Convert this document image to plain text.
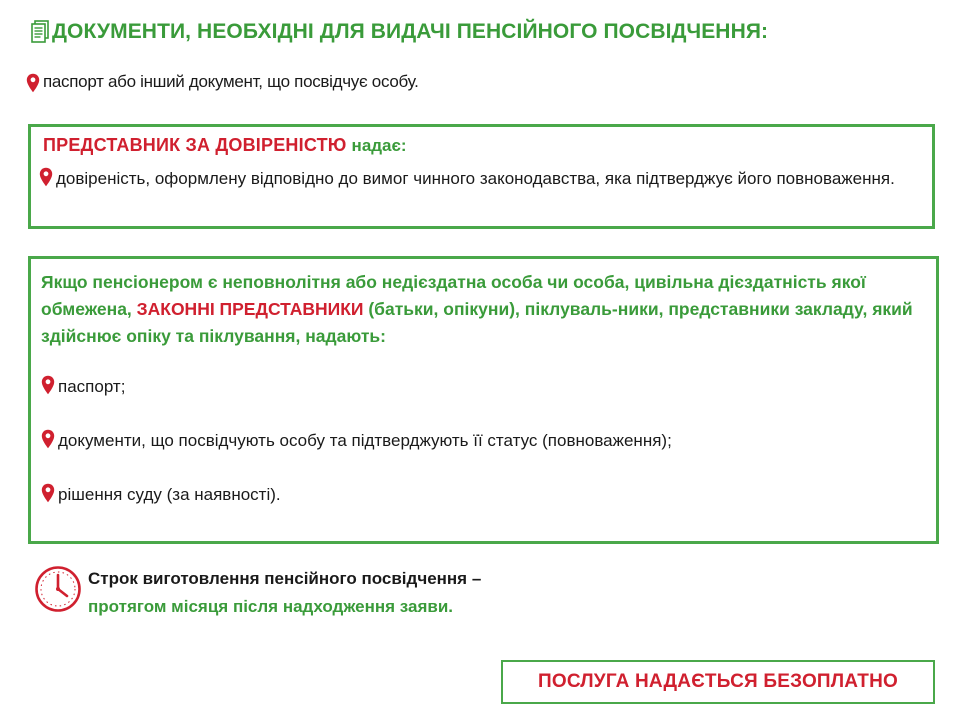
ДОКУМЕНТИ, НЕОБХІДНІ ДЛЯ ВИДАЧІ ПЕНСІЙНОГО ПОСВІДЧЕННЯ:
паспорт або інший документ, що посвідчує особу.
ПРЕДСТАВНИК ЗА ДОВІРЕНІСТЮ надає:
довіреність, оформлену відповідно до вимог чинного законодавства, яка підтверджує його повноваження.
Якщо пенсіонером є неповнолітня або недієздатна особа чи особа, цивільна дієздатність якої обмежена, ЗАКОННІ ПРЕДСТАВНИКИ (батьки, опікуни), піклуваль-ники, представники закладу, який здійснює опіку та піклування, надають:
паспорт;
документи, що посвідчують особу та підтверджують її статус (повноваження);
рішення суду (за наявності).
Строк виготовлення пенсійного посвідчення –
протягом місяця після надходження заяви.
ПОСЛУГА НАДАЄТЬСЯ БЕЗОПЛАТНО
